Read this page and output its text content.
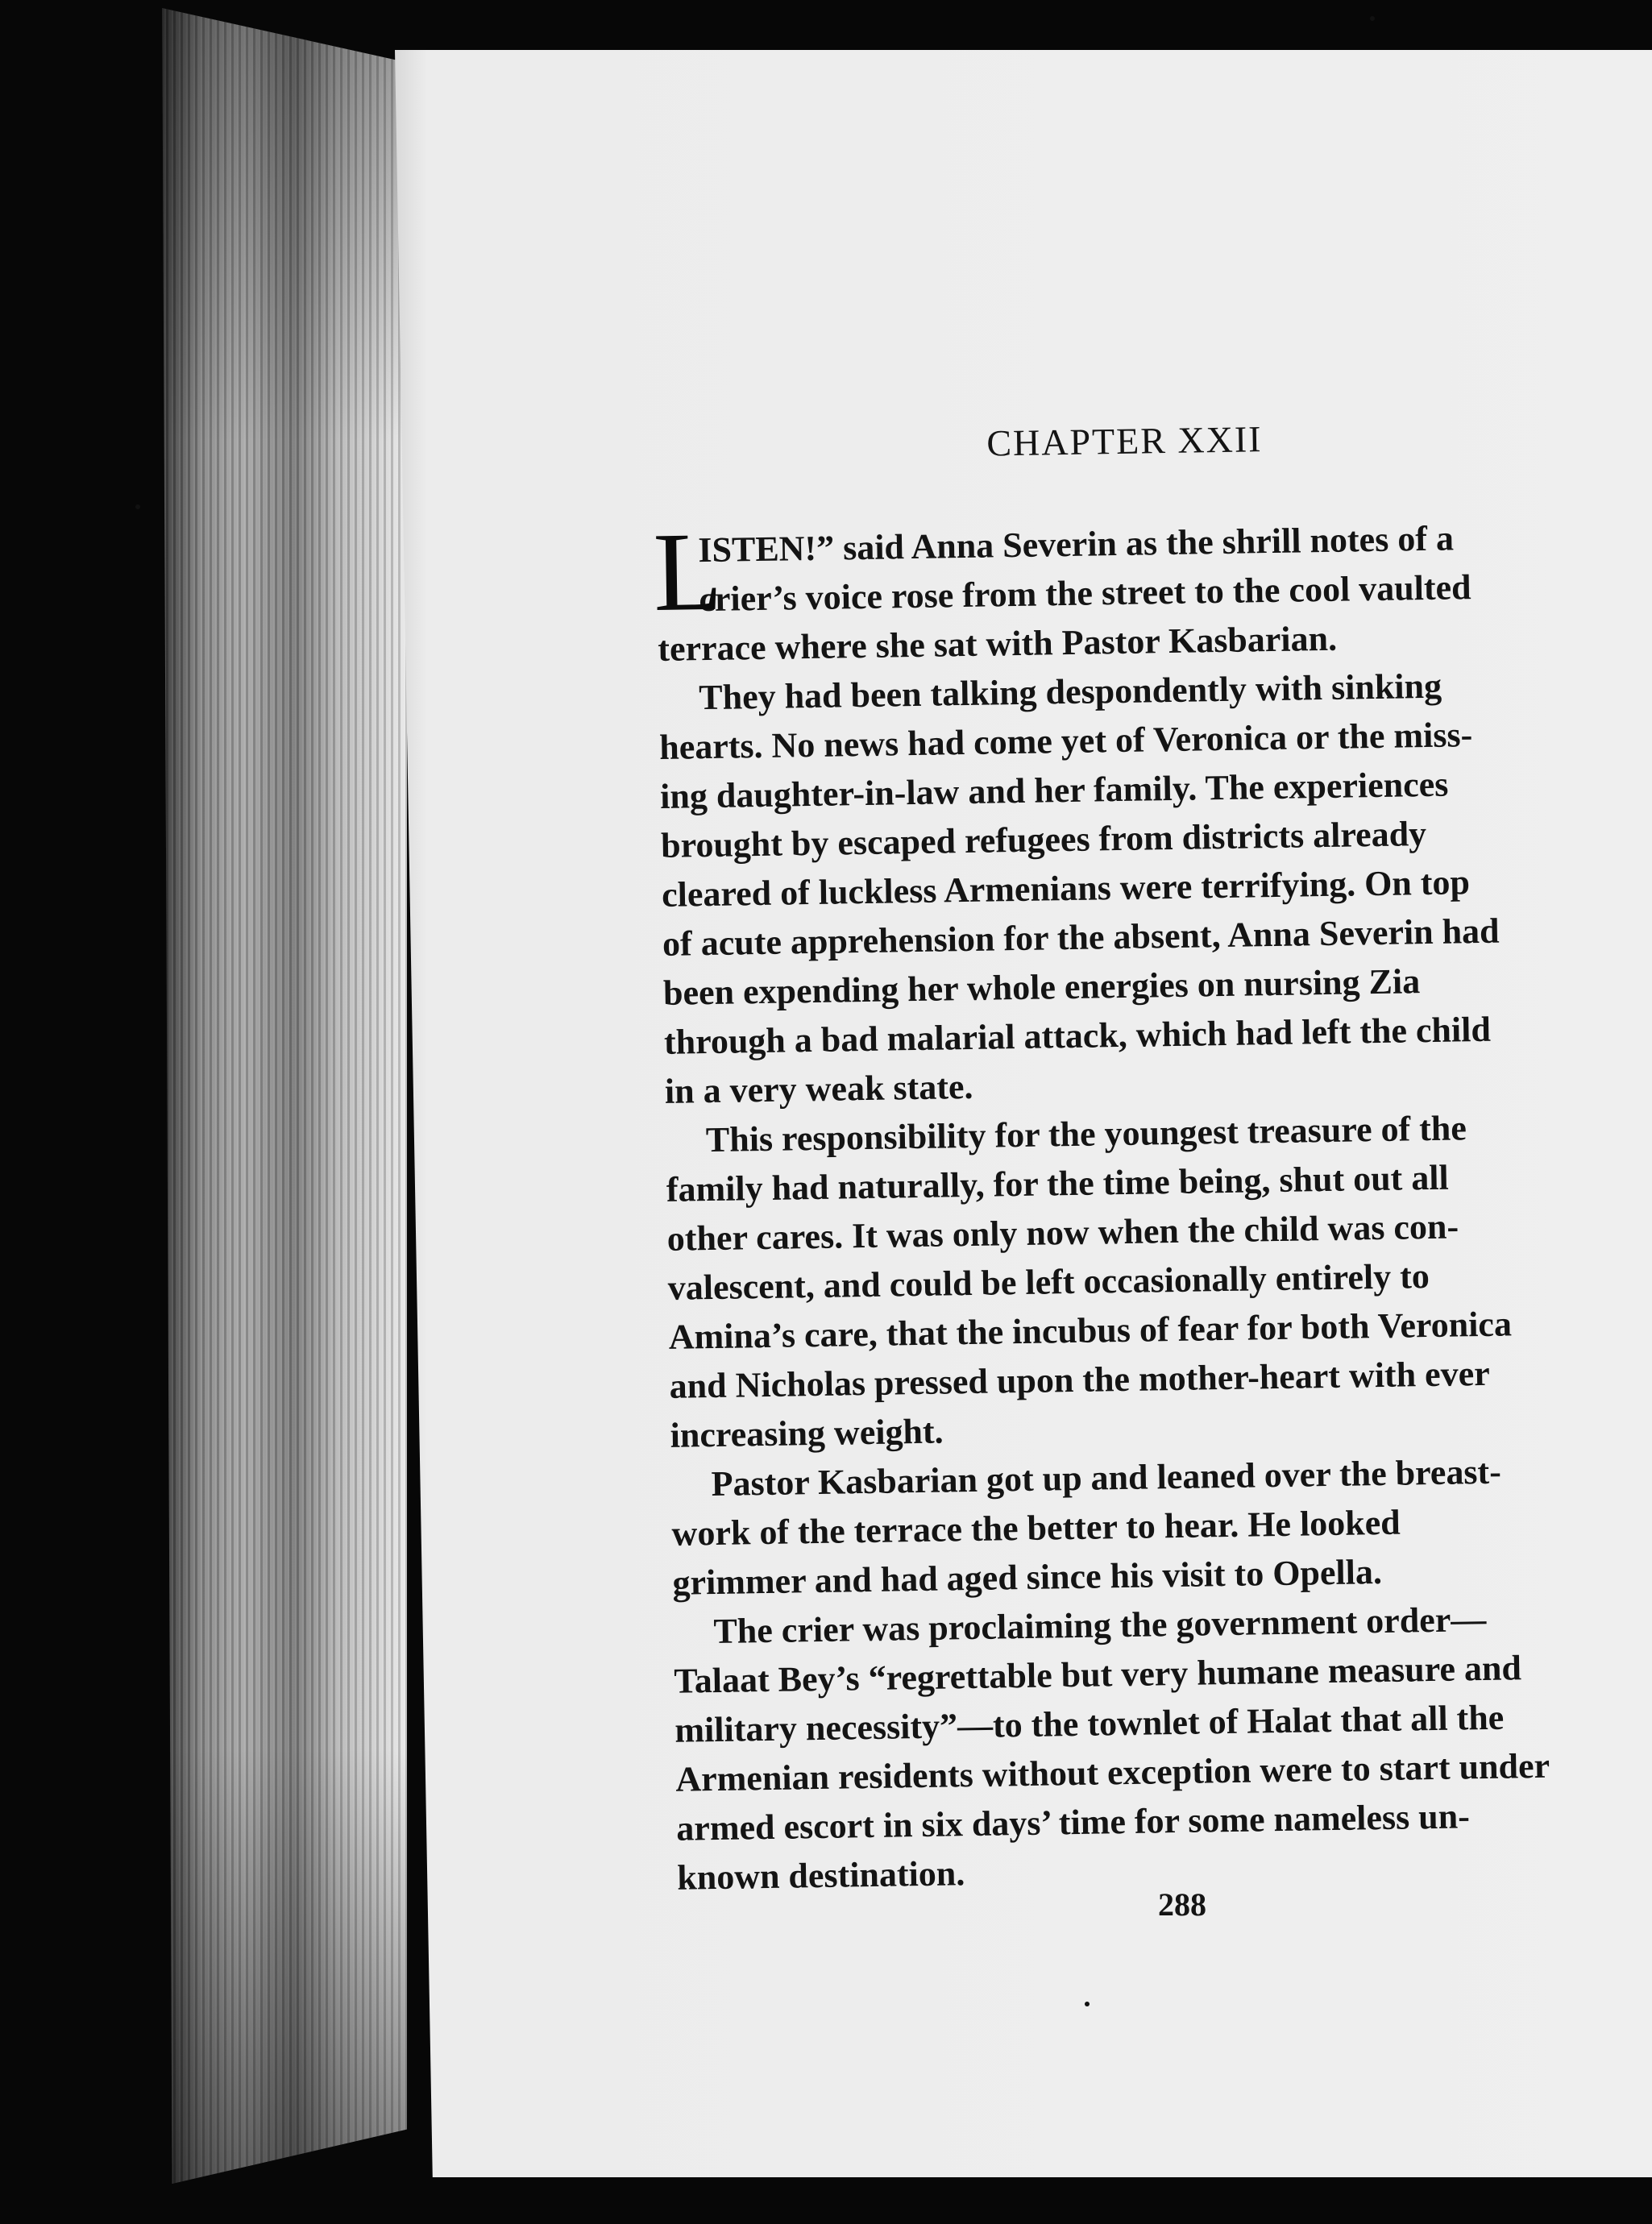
CHAPTER XXII

L
ISTEN!” said Anna Severin as the shrill notes of a
crier’s voice rose from the street to the cool vaulted
terrace where she sat with Pastor Kasbarian.

They had been talking despondently with sinking
hearts. No news had come yet of Veronica or the miss-
ing daughter-in-law and her family. The experiences
brought by escaped refugees from districts already
cleared of luckless Armenians were terrifying. On top
of acute apprehension for the absent, Anna Severin had
been expending her whole energies on nursing Zia
through a bad malarial attack, which had left the child
in a very weak state.

This responsibility for the youngest treasure of the
family had naturally, for the time being, shut out all
other cares. It was only now when the child was con-
valescent, and could be left occasionally entirely to
Amina’s care, that the incubus of fear for both Veronica
and Nicholas pressed upon the mother-heart with ever
increasing weight.

Pastor Kasbarian got up and leaned over the breast-
work of the terrace the better to hear. He looked
grimmer and had aged since his visit to Opella.

The crier was proclaiming the government order—
Talaat Bey’s “regrettable but very humane measure and
military necessity”—to the townlet of Halat that all the
Armenian residents without exception were to start under
armed escort in six days’ time for some nameless un-
known destination.

288
